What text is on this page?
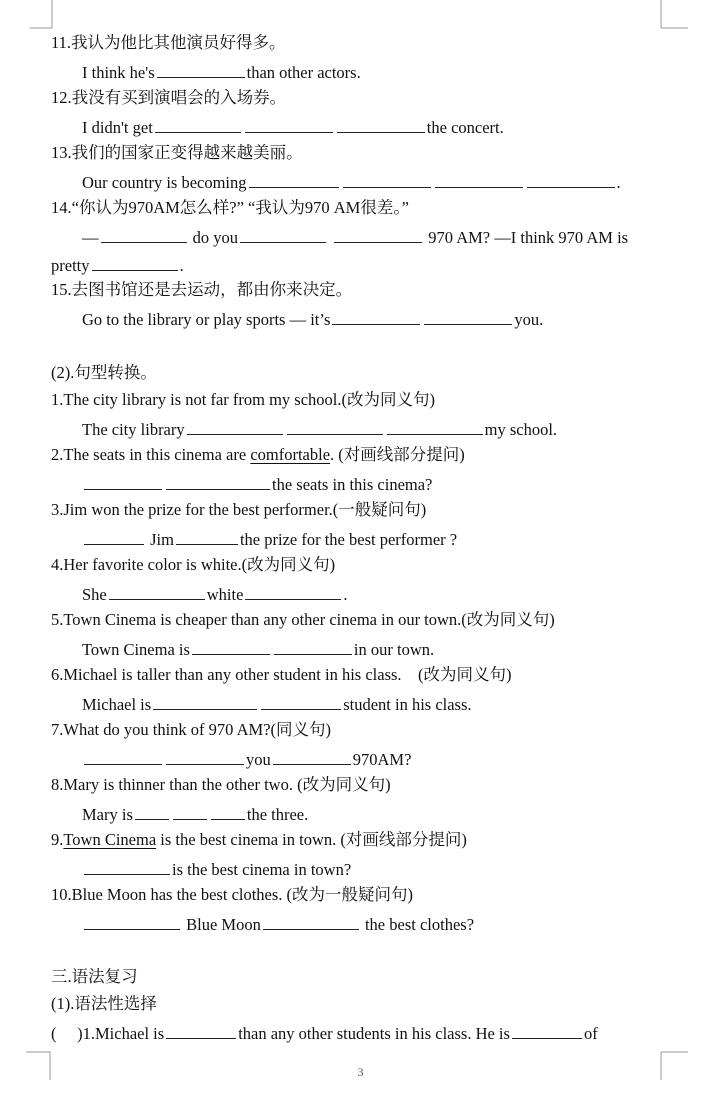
11.我认为他比其他演员好得多。
I think he's	than other actors.
12.我没有买到演唱会的入场券。
I didn't get	the concert.
13.我们的国家正变得越来越美丽。
Our country is becoming	.
14.“你认为970AM怎么样?” “我认为970 AM很差。”
—	do you	970 AM? —I think 970 AM is
pretty	.
15.去图书馆还是去运动，都由你来决定。
Go to the library or play sports — it’s	you.
(2).句型转换。
1.The city library is not far from my school.(改为同义句)
The city library	my school.
2.The seats in this cinema are comfortable. (对画线部分提问)
the seats in this cinema?
3.Jim won the prize for the best performer.(一般疑问句)
Jim	the prize for the best performer ?
4.Her favorite color is white.(改为同义句)
She	white	.
5.Town Cinema is cheaper than any other cinema in our town.(改为同义句)
Town Cinema is	in our town.
6.Michael is taller than any other student in his class.　(改为同义句)
Michael is	student in his class.
7.What do you think of 970 AM?(同义句)
you	970AM?
8.Mary is thinner than the other two. (改为同义句)
Mary is	the three.
9.Town Cinema is the best cinema in town. (对画线部分提问)
is the best cinema in town?
10.Blue Moon has the best clothes. (改为一般疑问句)
Blue Moon	the best clothes?
三.语法复习
(1).语法性选择
(　 )1.Michael is	than any other students in his class. He is	of
3
